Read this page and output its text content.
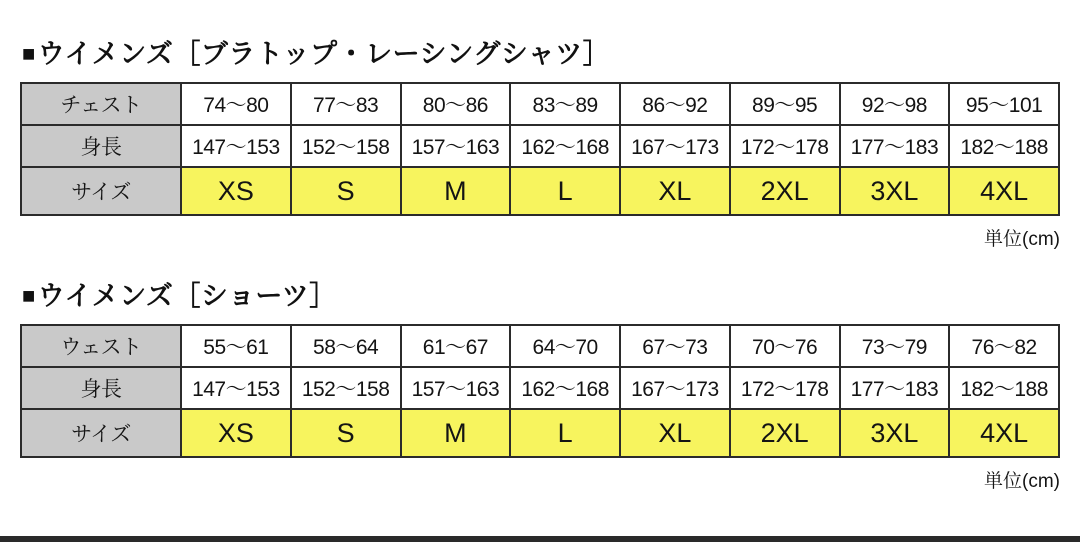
■ウイメンズ［ブラトップ・レーシングシャツ］
チェスト	74〜80	77〜83	80〜86	83〜89	86〜92	89〜95	92〜98	95〜101
身長	147〜153	152〜158	157〜163	162〜168	167〜173	172〜178	177〜183	182〜188
サイズ	XS	S	M	L	XL	2XL	3XL	4XL
単位(cm)
■ウイメンズ［ショーツ］
ウェスト	55〜61	58〜64	61〜67	64〜70	67〜73	70〜76	73〜79	76〜82
身長	147〜153	152〜158	157〜163	162〜168	167〜173	172〜178	177〜183	182〜188
サイズ	XS	S	M	L	XL	2XL	3XL	4XL
単位(cm)
